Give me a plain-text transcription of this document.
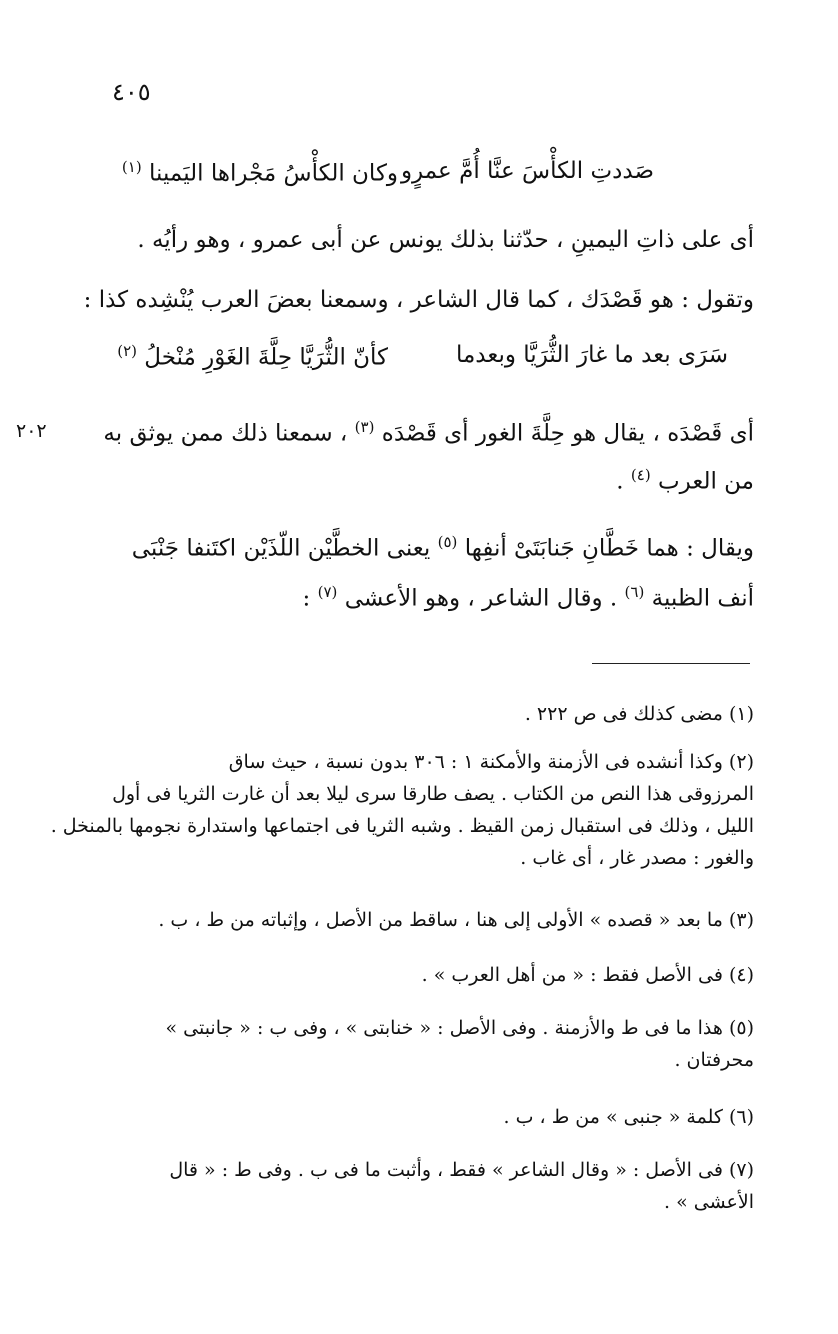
٤٠٥
٢٠٢
صَددتِ الكأْسَ عنَّا أُمَّ عمرٍو
وكان الكأْسُ مَجْراها اليَمينا $^{(١)}$
أى على ذاتِ اليمينِ ، حدّثنا بذلك يونس عن أبى عمرو ، وهو رأيُه .
وتقول : هو قَصْدَك ، كما قال الشاعر ، وسمعنا بعضَ العرب يُنْشِده كذا :
سَرَى بعد ما غارَ الثُّرَيَّا وبعدما
كأنّ الثُّرَيَّا حِلَّةَ الغَوْرِ مُنْخلُ $^{(٢)}$
أى قَصْدَه ، يقال هو حِلَّةَ الغور أى قَصْدَه $^{(٣)}$ ، سمعنا ذلك ممن يوثق به
من العرب $^{(٤)}$ .
ويقال : هما خَطَّانِ جَنابَتَىْ أنفِها $^{(٥)}$ يعنى الخطَّيْن اللّذَيْن اكتَنفا جَنْبَى
أنف الظبية $^{(٦)}$ . وقال الشاعر ، وهو الأعشى $^{(٧)}$ :
(١) مضى كذلك فى ص ٢٢٢ .
(٢) وكذا أنشده فى الأزمنة والأمكنة ١ : ٣٠٦ بدون نسبة ، حيث ساق
المرزوقى هذا النص من الكتاب . يصف طارقا سرى ليلا بعد أن غارت الثريا فى أول
الليل ، وذلك فى استقبال زمن القيظ . وشبه الثريا فى اجتماعها واستدارة نجومها بالمنخل .
والغور : مصدر غار ، أى غاب .
(٣) ما بعد « قصده » الأولى إلى هنا ، ساقط من الأصل ، وإثباته من ط ، ب .
(٤) فى الأصل فقط : « من أهل العرب » .
(٥) هذا ما فى ط والأزمنة . وفى الأصل : « خنابتى » ، وفى ب : « جانبتى »
محرفتان .
(٦) كلمة « جنبى » من ط ، ب .
(٧) فى الأصل : « وقال الشاعر » فقط ، وأثبت ما فى ب . وفى ط : « قال
الأعشى » .
